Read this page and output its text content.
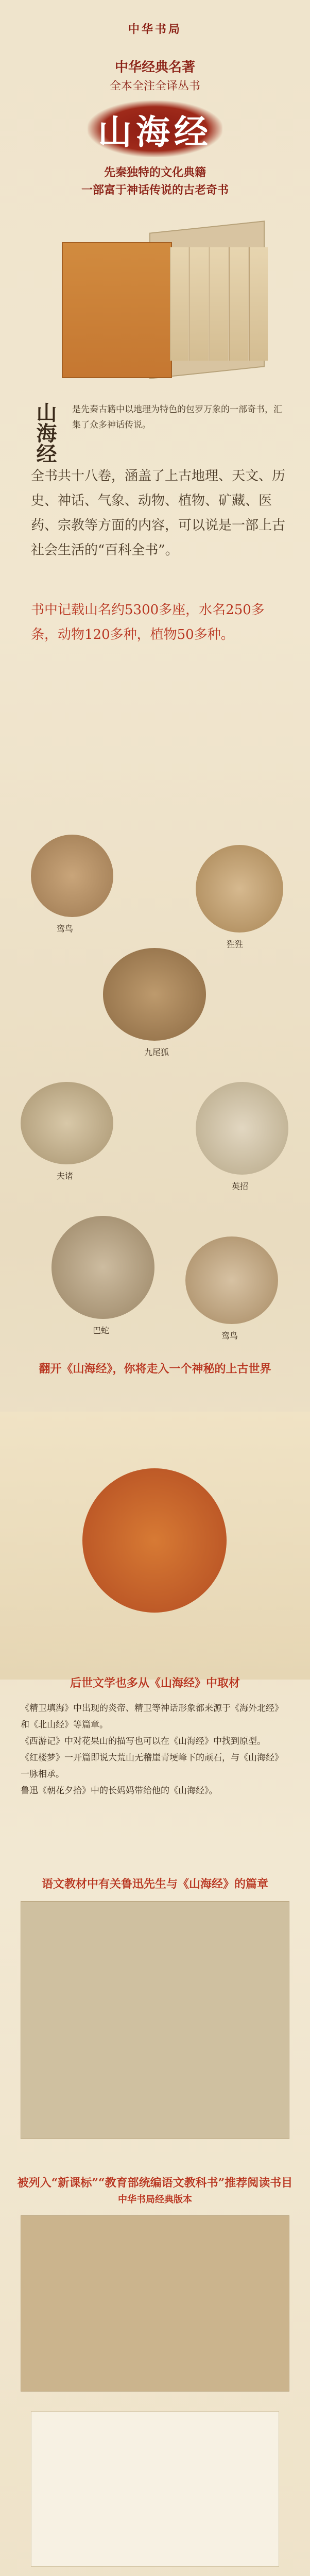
中华书局
中华经典名著
全本全注全译丛书
山海经
先秦独特的文化典籍
一部富于神话传说的古老奇书
山海经 是先秦古籍中以地理为特色的包罗万象的一部奇书，汇集了众多神话传说。
全书共十八卷，涵盖了上古地理、天文、历史、神话、气象、动物、植物、矿藏、医药、宗教等方面的内容，可以说是一部上古社会生活的“百科全书”。
书中记载山名约5300多座，水名250多条，动物120多种，植物50多种。
鸾鸟
狌狌
九尾狐
夫诸
英招
巴蛇
鸾鸟
翻开《山海经》，你将走入一个神秘的上古世界
后世文学也多从《山海经》中取材

《精卫填海》中出现的炎帝、精卫等神话形象都来源于《海外北经》和《北山经》等篇章。

《西游记》中对花果山的描写也可以在《山海经》中找到原型。

《红楼梦》一开篇即说大荒山无稽崖青埂峰下的顽石，与《山海经》一脉相承。

鲁迅《朝花夕拾》中的长妈妈带给他的《山海经》。

语文教材中有关鲁迅先生与《山海经》的篇章
被列入“新课标”“教育部统编语文教科书”推荐阅读书目
中华书局经典版本
